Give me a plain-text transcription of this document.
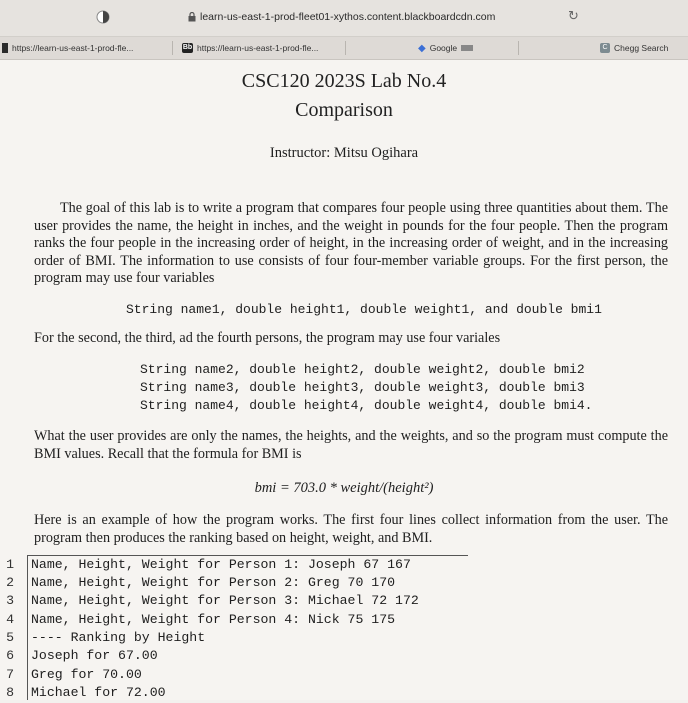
learn-us-east-1-prod-fleet01-xythos.content.blackboardcdn.com	↻
https://learn-us-east-1-prod-fle...	Bb https://learn-us-east-1-prod-fle...	◆ Google	C Chegg Search
CSC120 2023S Lab No.4
Comparison
Instructor: Mitsu Ogihara
The goal of this lab is to write a program that compares four people using three quantities about them. The user provides the name, the height in inches, and the weight in pounds for the four people. Then the program ranks the four people in the increasing order of height, in the increasing order of weight, and in the increasing order of BMI. The information to use consists of four four-member variable groups. For the first person, the program may use four variables
String name1, double height1, double weight1, and double bmi1
For the second, the third, ad the fourth persons, the program may use four variales
String name2, double height2, double weight2, double bmi2
String name3, double height3, double weight3, double bmi3
String name4, double height4, double weight4, double bmi4.
What the user provides are only the names, the heights, and the weights, and so the program must compute the BMI values. Recall that the formula for BMI is
bmi = 703.0 * weight/(height²)
Here is an example of how the program works. The first four lines collect information from the user. The program then produces the ranking based on height, weight, and BMI.
1 Name, Height, Weight for Person 1: Joseph 67 167
2 Name, Height, Weight for Person 2: Greg 70 170
3 Name, Height, Weight for Person 3: Michael 72 172
4 Name, Height, Weight for Person 4: Nick 75 175
5 ---- Ranking by Height
6 Joseph for 67.00
7 Greg for 70.00
8 Michael for 72.00
